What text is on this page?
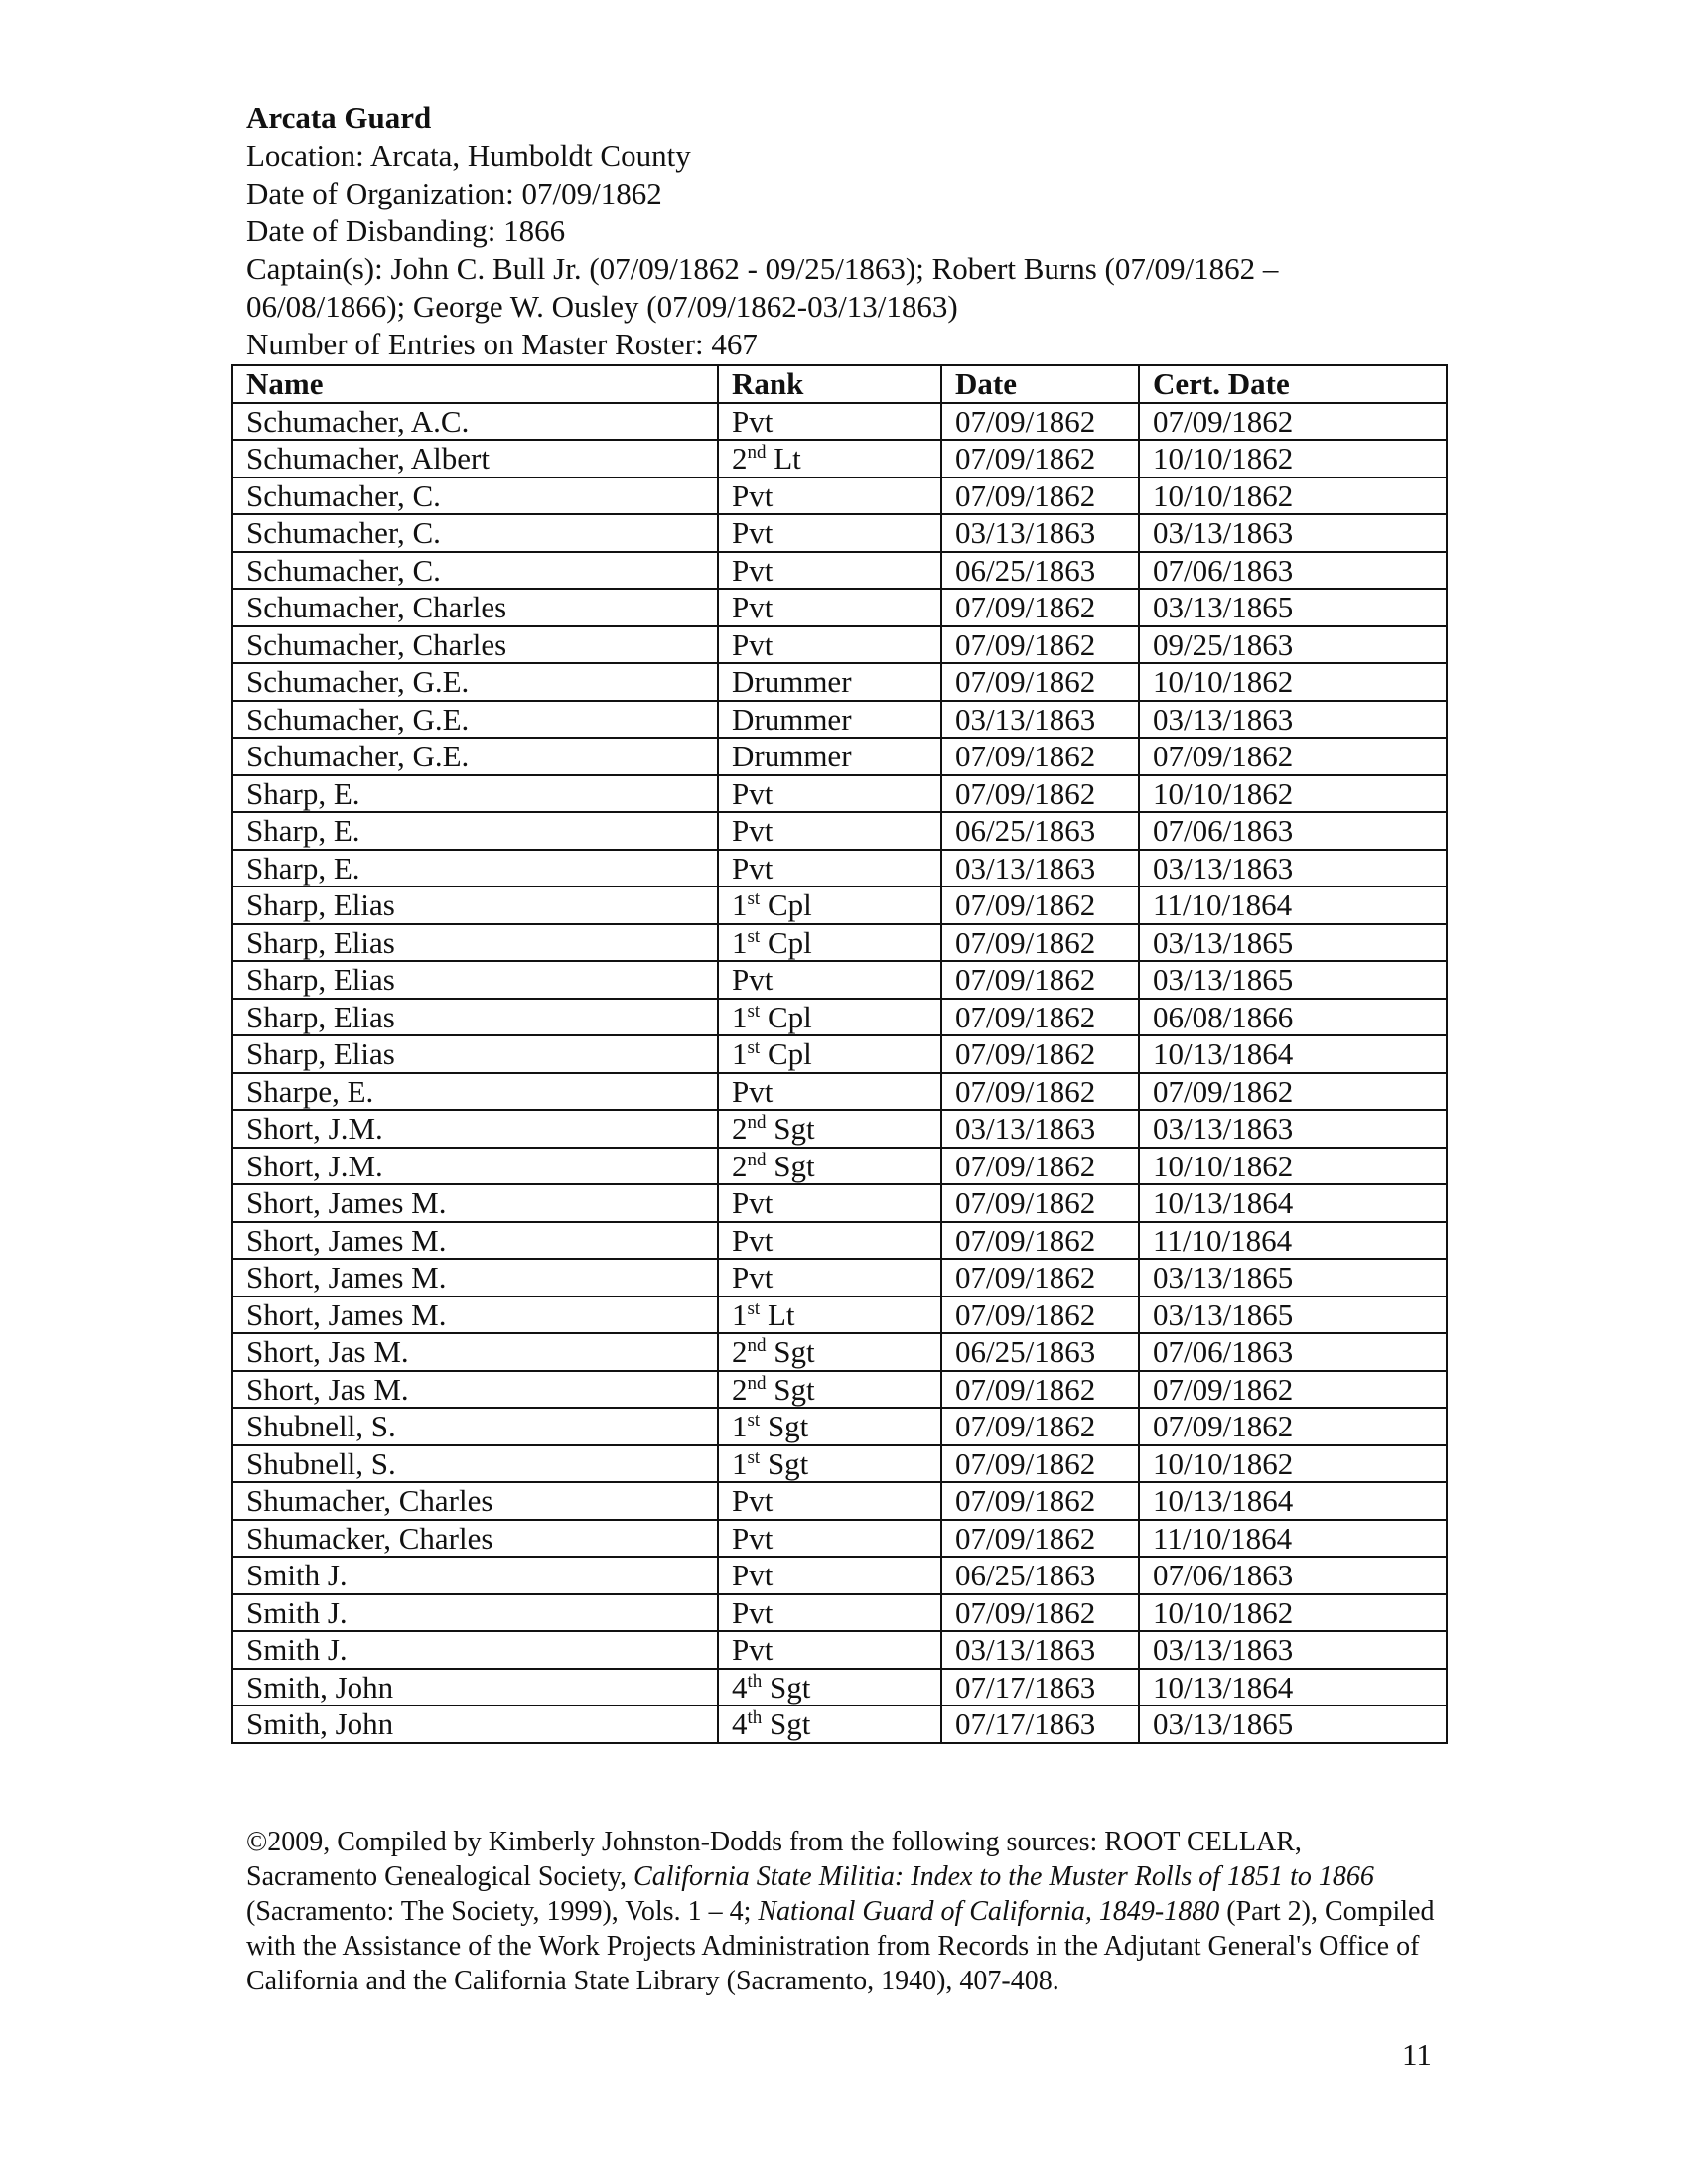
Arcata Guard
Location: Arcata, Humboldt County
Date of Organization: 07/09/1862
Date of Disbanding: 1866
Captain(s): John C. Bull Jr. (07/09/1862 - 09/25/1863); Robert Burns (07/09/1862 –
06/08/1866); George W. Ousley (07/09/1862-03/13/1863)
Number of Entries on Master Roster: 467
Name	Rank	Date	Cert. Date
Schumacher, A.C.	Pvt	07/09/1862	07/09/1862
Schumacher, Albert	2nd Lt	07/09/1862	10/10/1862
Schumacher, C.	Pvt	07/09/1862	10/10/1862
Schumacher, C.	Pvt	03/13/1863	03/13/1863
Schumacher, C.	Pvt	06/25/1863	07/06/1863
Schumacher, Charles	Pvt	07/09/1862	03/13/1865
Schumacher, Charles	Pvt	07/09/1862	09/25/1863
Schumacher, G.E.	Drummer	07/09/1862	10/10/1862
Schumacher, G.E.	Drummer	03/13/1863	03/13/1863
Schumacher, G.E.	Drummer	07/09/1862	07/09/1862
Sharp, E.	Pvt	07/09/1862	10/10/1862
Sharp, E.	Pvt	06/25/1863	07/06/1863
Sharp, E.	Pvt	03/13/1863	03/13/1863
Sharp, Elias	1st Cpl	07/09/1862	11/10/1864
Sharp, Elias	1st Cpl	07/09/1862	03/13/1865
Sharp, Elias	Pvt	07/09/1862	03/13/1865
Sharp, Elias	1st Cpl	07/09/1862	06/08/1866
Sharp, Elias	1st Cpl	07/09/1862	10/13/1864
Sharpe, E.	Pvt	07/09/1862	07/09/1862
Short, J.M.	2nd Sgt	03/13/1863	03/13/1863
Short, J.M.	2nd Sgt	07/09/1862	10/10/1862
Short, James M.	Pvt	07/09/1862	10/13/1864
Short, James M.	Pvt	07/09/1862	11/10/1864
Short, James M.	Pvt	07/09/1862	03/13/1865
Short, James M.	1st Lt	07/09/1862	03/13/1865
Short, Jas M.	2nd Sgt	06/25/1863	07/06/1863
Short, Jas M.	2nd Sgt	07/09/1862	07/09/1862
Shubnell, S.	1st Sgt	07/09/1862	07/09/1862
Shubnell, S.	1st Sgt	07/09/1862	10/10/1862
Shumacher, Charles	Pvt	07/09/1862	10/13/1864
Shumacker, Charles	Pvt	07/09/1862	11/10/1864
Smith J.	Pvt	06/25/1863	07/06/1863
Smith J.	Pvt	07/09/1862	10/10/1862
Smith J.	Pvt	03/13/1863	03/13/1863
Smith, John	4th Sgt	07/17/1863	10/13/1864
Smith, John	4th Sgt	07/17/1863	03/13/1865
©2009, Compiled by Kimberly Johnston-Dodds from the following sources: ROOT CELLAR, Sacramento Genealogical Society, California State Militia: Index to the Muster Rolls of 1851 to 1866 (Sacramento: The Society, 1999), Vols. 1 – 4; National Guard of California, 1849-1880 (Part 2), Compiled with the Assistance of the Work Projects Administration from Records in the Adjutant General's Office of California and the California State Library (Sacramento, 1940), 407-408.
11
